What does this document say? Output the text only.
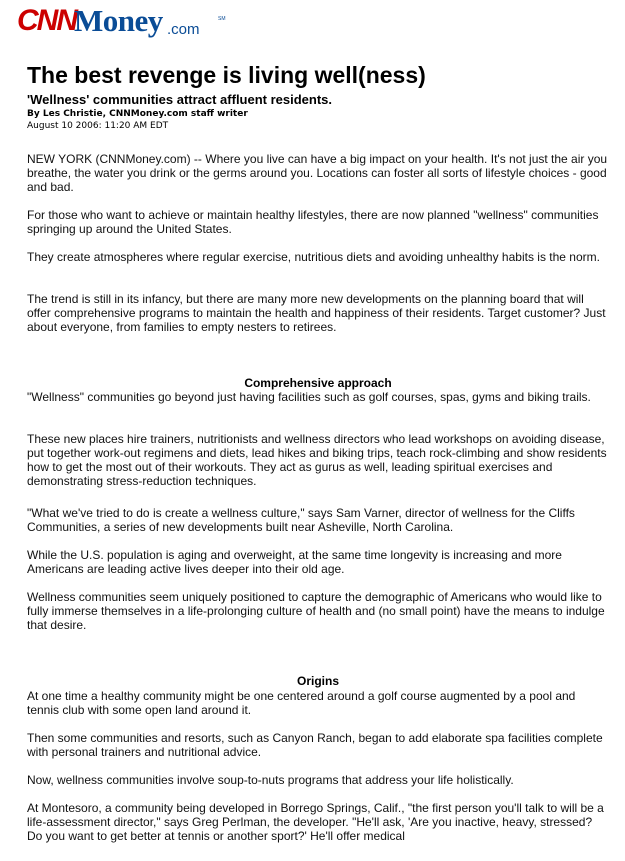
CNN
Money .com
SM
The best revenge is living well(ness)
'Wellness' communities attract affluent residents.

By Les Christie, CNNMoney.com staff writer

August 10 2006: 11:20 AM EDT

NEW YORK (CNNMoney.com) -- Where you live can have a big impact on your health. It's not just the air you breathe, the water you drink or the germs around you. Locations can foster all sorts of lifestyle choices - good and bad.

For those who want to achieve or maintain healthy lifestyles, there are now planned "wellness" communities springing up around the United States.

They create atmospheres where regular exercise, nutritious diets and avoiding unhealthy habits is the norm.

The trend is still in its infancy, but there are many more new developments on the planning board that will offer comprehensive programs to maintain the health and happiness of their residents. Target customer? Just about everyone, from families to empty nesters to retirees.

Comprehensive approach

"Wellness" communities go beyond just having facilities such as golf courses, spas, gyms and biking trails.

These new places hire trainers, nutritionists and wellness directors who lead workshops on avoiding disease, put together work-out regimens and diets, lead hikes and biking trips, teach rock-climbing and show residents how to get the most out of their workouts. They act as gurus as well, leading spiritual exercises and demonstrating stress-reduction techniques.

"What we've tried to do is create a wellness culture," says Sam Varner, director of wellness for the Cliffs Communities, a series of new developments built near Asheville, North Carolina.

While the U.S. population is aging and overweight, at the same time longevity is increasing and more Americans are leading active lives deeper into their old age.

Wellness communities seem uniquely positioned to capture the demographic of Americans who would like to fully immerse themselves in a life-prolonging culture of health and (no small point) have the means to indulge that desire.

Origins

At one time a healthy community might be one centered around a golf course augmented by a pool and tennis club with some open land around it.

Then some communities and resorts, such as Canyon Ranch, began to add elaborate spa facilities complete with personal trainers and nutritional advice.

Now, wellness communities involve soup-to-nuts programs that address your life holistically.

At Montesoro, a community being developed in Borrego Springs, Calif., "the first person you'll talk to will be a life-assessment director," says Greg Perlman, the developer. "He'll ask, 'Are you inactive, heavy, stressed? Do you want to get better at tennis or another sport?' He'll offer medical
